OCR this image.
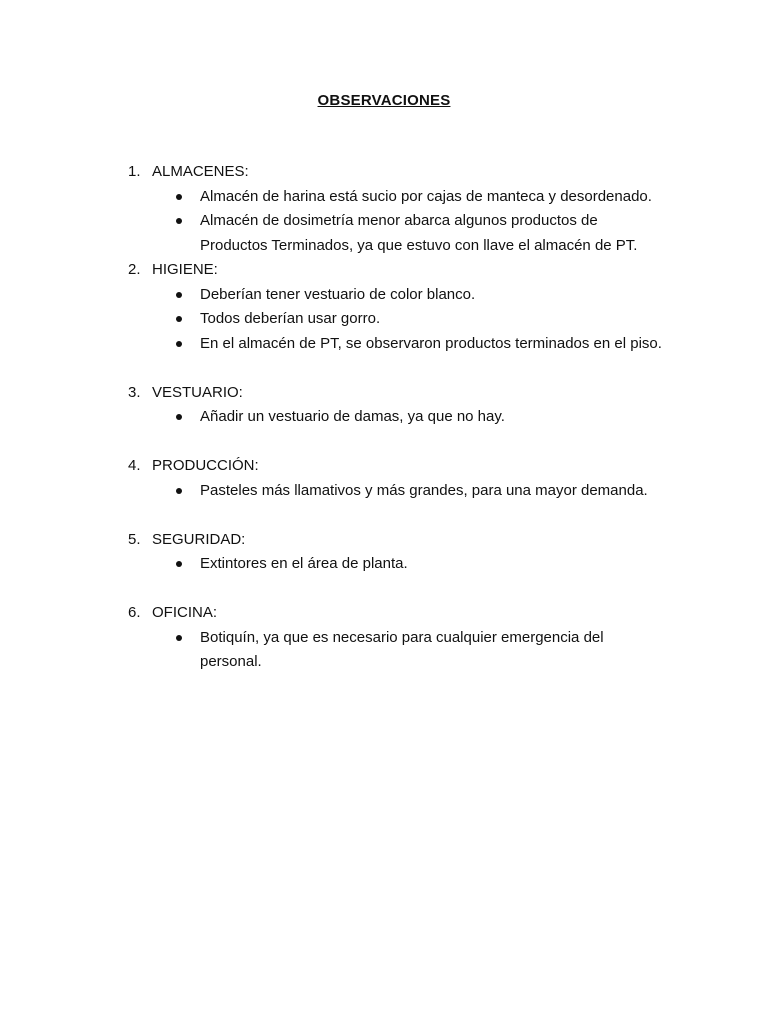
OBSERVACIONES
1. ALMACENES:
Almacén de harina está sucio por cajas de manteca y desordenado.
Almacén de dosimetría menor abarca algunos productos de Productos Terminados, ya que estuvo con llave el almacén de PT.
2. HIGIENE:
Deberían tener vestuario de color blanco.
Todos deberían usar gorro.
En el almacén de PT, se observaron productos terminados en el piso.
3. VESTUARIO:
Añadir un vestuario de damas, ya que no hay.
4. PRODUCCIÓN:
Pasteles más llamativos y más grandes, para una mayor demanda.
5. SEGURIDAD:
Extintores en el área de planta.
6. OFICINA:
Botiquín, ya que es necesario para cualquier emergencia del personal.
